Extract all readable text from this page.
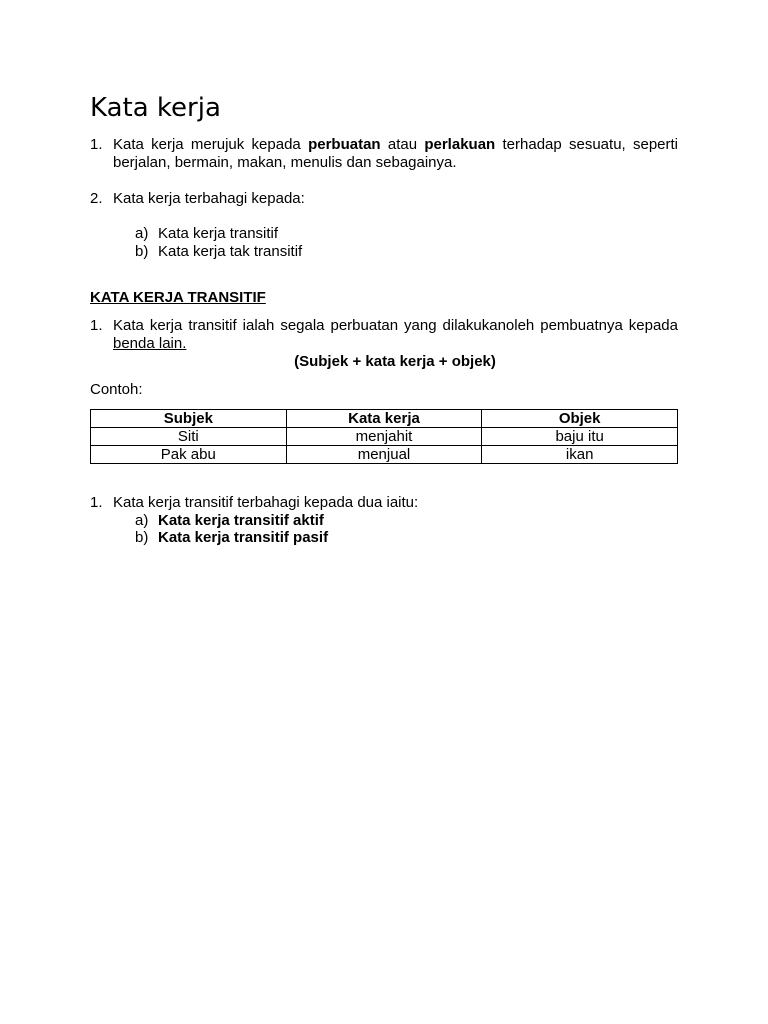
Kata kerja
1. Kata kerja merujuk kepada perbuatan atau perlakuan terhadap sesuatu, seperti berjalan, bermain, makan, menulis dan sebagainya.
2. Kata kerja terbahagi kepada:
a) Kata kerja transitif
b) Kata kerja tak transitif
KATA KERJA TRANSITIF
1. Kata kerja transitif ialah segala perbuatan yang dilakukanoleh pembuatnya kepada benda lain.
(Subjek + kata kerja + objek)
Contoh:
Subjek	Kata kerja	Objek
Siti	menjahit	baju itu
Pak abu	menjual	ikan
1. Kata kerja transitif terbahagi kepada dua iaitu:
a) Kata kerja transitif aktif
b) Kata kerja transitif pasif
